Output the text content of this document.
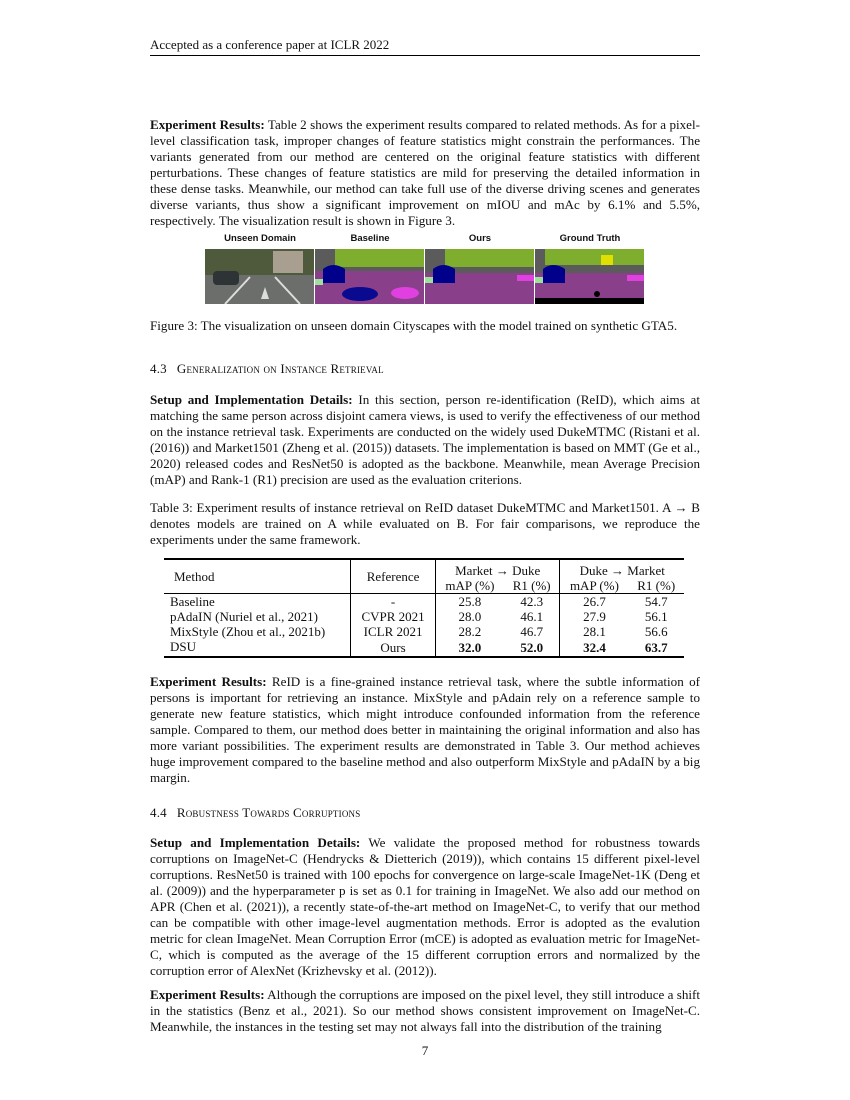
Accepted as a conference paper at ICLR 2022

Experiment Results: Table 2 shows the experiment results compared to related methods. As for a pixel-level classification task, improper changes of feature statistics might constrain the performances. The variants generated from our method are centered on the original feature statistics with different perturbations. These changes of feature statistics are mild for preserving the detailed information in these dense tasks. Meanwhile, our method can take full use of the diverse driving scenes and generates diverse variants, thus show a significant improvement on mIOU and mAc by 6.1% and 5.5%, respectively. The visualization result is shown in Figure 3.

Unseen Domain	Baseline	Ours	Ground Truth

Figure 3: The visualization on unseen domain Cityscapes with the model trained on synthetic GTA5.

4.3 Generalization on Instance Retrieval

Setup and Implementation Details: In this section, person re-identification (ReID), which aims at matching the same person across disjoint camera views, is used to verify the effectiveness of our method on the instance retrieval task. Experiments are conducted on the widely used DukeMTMC (Ristani et al. (2016)) and Market1501 (Zheng et al. (2015)) datasets. The implementation is based on MMT (Ge et al., 2020) released codes and ResNet50 is adopted as the backbone. Meanwhile, mean Average Precision (mAP) and Rank-1 (R1) precision are used as the evaluation criterions.

Table 3: Experiment results of instance retrieval on ReID dataset DukeMTMC and Market1501. A → B denotes models are trained on A while evaluated on B. For fair comparisons, we reproduce the experiments under the same framework.

Method	Reference	Market → Duke		Duke → Market	
		mAP (%)	R1 (%)	mAP (%)	R1 (%)
Baseline	-	25.8	42.3	26.7	54.7
pAdaIN (Nuriel et al., 2021)	CVPR 2021	28.0	46.1	27.9	56.1
MixStyle (Zhou et al., 2021b)	ICLR 2021	28.2	46.7	28.1	56.6
DSU	Ours	32.0	52.0	32.4	63.7

Experiment Results: ReID is a fine-grained instance retrieval task, where the subtle information of persons is important for retrieving an instance. MixStyle and pAdain rely on a reference sample to generate new feature statistics, which might introduce confounded information from the reference sample. Compared to them, our method does better in maintaining the original information and also has more variant possibilities. The experiment results are demonstrated in Table 3. Our method achieves huge improvement compared to the baseline method and also outperform MixStyle and pAdaIN by a big margin.

4.4 Robustness Towards Corruptions

Setup and Implementation Details: We validate the proposed method for robustness towards corruptions on ImageNet-C (Hendrycks & Dietterich (2019)), which contains 15 different pixel-level corruptions. ResNet50 is trained with 100 epochs for convergence on large-scale ImageNet-1K (Deng et al. (2009)) and the hyperparameter p is set as 0.1 for training in ImageNet. We also add our method on APR (Chen et al. (2021)), a recently state-of-the-art method on ImageNet-C, to verify that our method can be compatible with other image-level augmentation methods. Error is adopted as the evalution metric for clean ImageNet. Mean Corruption Error (mCE) is adopted as evaluation metric for ImageNet-C, which is computed as the average of the 15 different corruption errors and normalized by the corruption error of AlexNet (Krizhevsky et al. (2012)).

Experiment Results: Although the corruptions are imposed on the pixel level, they still introduce a shift in the statistics (Benz et al., 2021). So our method shows consistent improvement on ImageNet-C. Meanwhile, the instances in the testing set may not always fall into the distribution of the training

7
